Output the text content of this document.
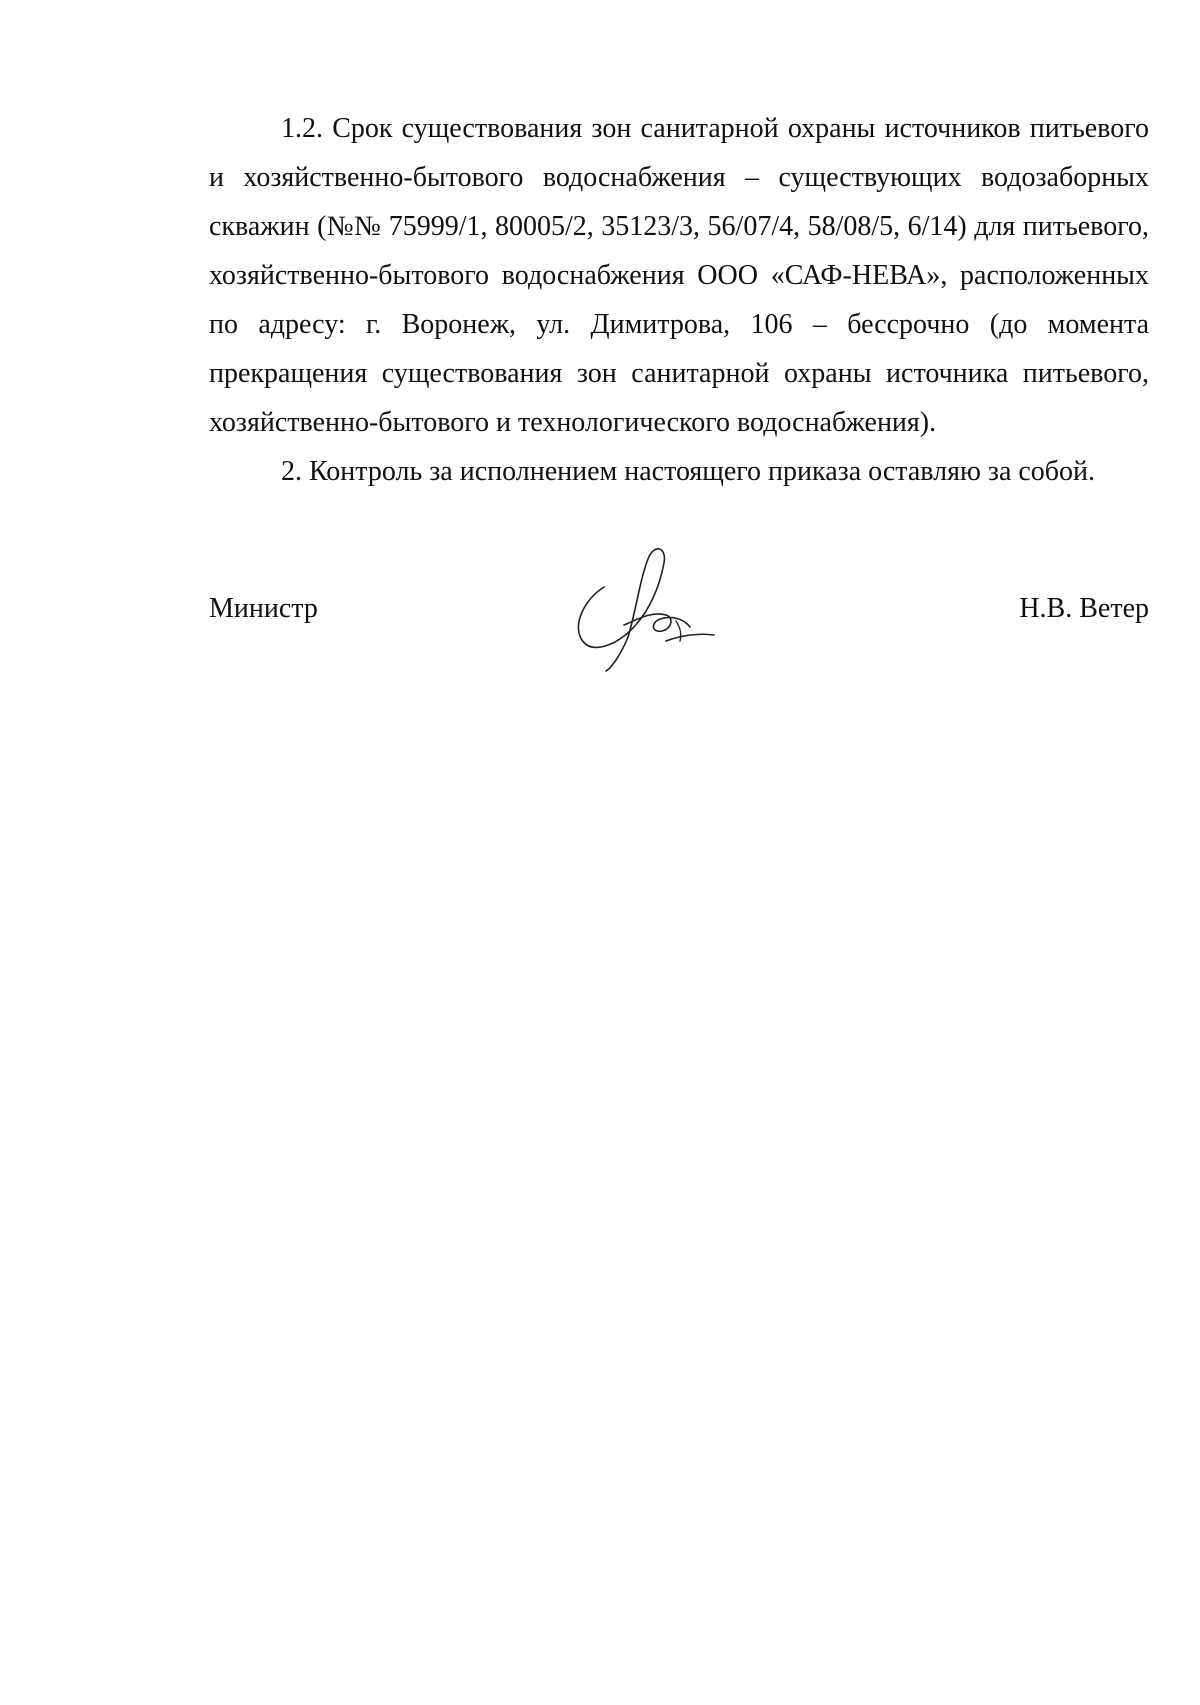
1.2. Срок существования зон санитарной охраны источников питьевого и хозяйственно-бытового водоснабжения – существующих водозаборных скважин (№№ 75999/1, 80005/2, 35123/3, 56/07/4, 58/08/5, 6/14) для питьевого, хозяйственно-бытового водоснабжения ООО «САФ-НЕВА», расположенных по адресу: г. Воронеж, ул. Димитрова, 106 – бессрочно (до момента прекращения существования зон санитарной охраны источника питьевого, хозяйственно-бытового и технологического водоснабжения).

2. Контроль за исполнением настоящего приказа оставляю за собой.

Министр	Н.В. Ветер
